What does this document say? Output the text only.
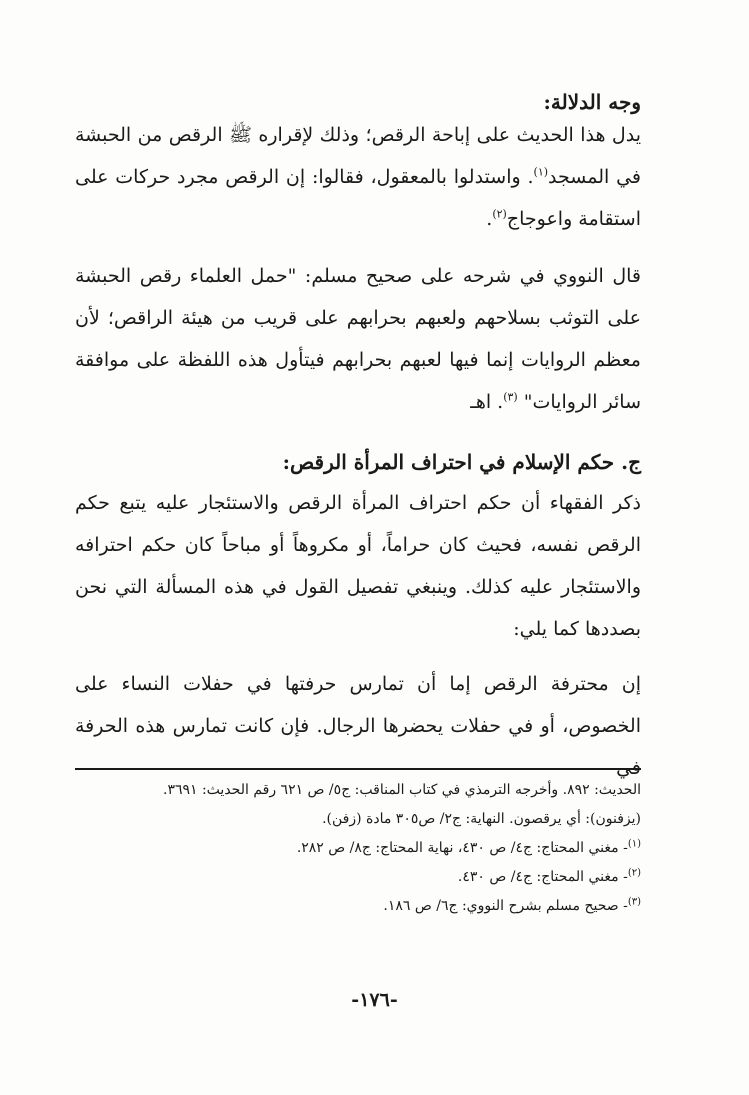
وجه الدلالة:

يدل هذا الحديث على إباحة الرقص؛ وذلك لإقراره ﷺ الرقص من الحبشة في المسجد$^{(١)}$. واستدلوا بالمعقول، فقالوا: إن الرقص مجرد حركات على استقامة واعوجاج$^{(٢)}$.

قال النووي في شرحه على صحيح مسلم: "حمل العلماء رقص الحبشة على التوثب بسلاحهم ولعبهم بحرابهم على قريب من هيئة الراقص؛ لأن معظم الروايات إنما فيها لعبهم بحرابهم فيتأول هذه اللفظة على موافقة سائر الروايات" $^{(٣)}$. اهـ

ج. حكم الإسلام في احتراف المرأة الرقص:

ذكر الفقهاء أن حكم احتراف المرأة الرقص والاستئجار عليه يتبع حكم الرقص نفسه، فحيث كان حراماً، أو مكروهاً أو مباحاً كان حكم احترافه والاستئجار عليه كذلك. وينبغي تفصيل القول في هذه المسألة التي نحن بصددها كما يلي:

إن محترفة الرقص إما أن تمارس حرفتها في حفلات النساء على الخصوص، أو في حفلات يحضرها الرجال. فإن كانت تمارس هذه الحرفة في

الحديث: ٨٩٢. وأخرجه الترمذي في كتاب المناقب: ج٥/ ص ٦٢١ رقم الحديث: ٣٦٩١.

(يزفنون): أي يرقصون. النهاية: ج٢/ ص٣٠٥ مادة (زفن).

$^{(١)}$- مغني المحتاج: ج٤/ ص ٤٣٠، نهاية المحتاج: ج٨/ ص ٢٨٢.

$^{(٢)}$- مغني المحتاج: ج٤/ ص ٤٣٠.

$^{(٣)}$- صحيح مسلم بشرح النووي: ج٦/ ص ١٨٦.

-١٧٦-
